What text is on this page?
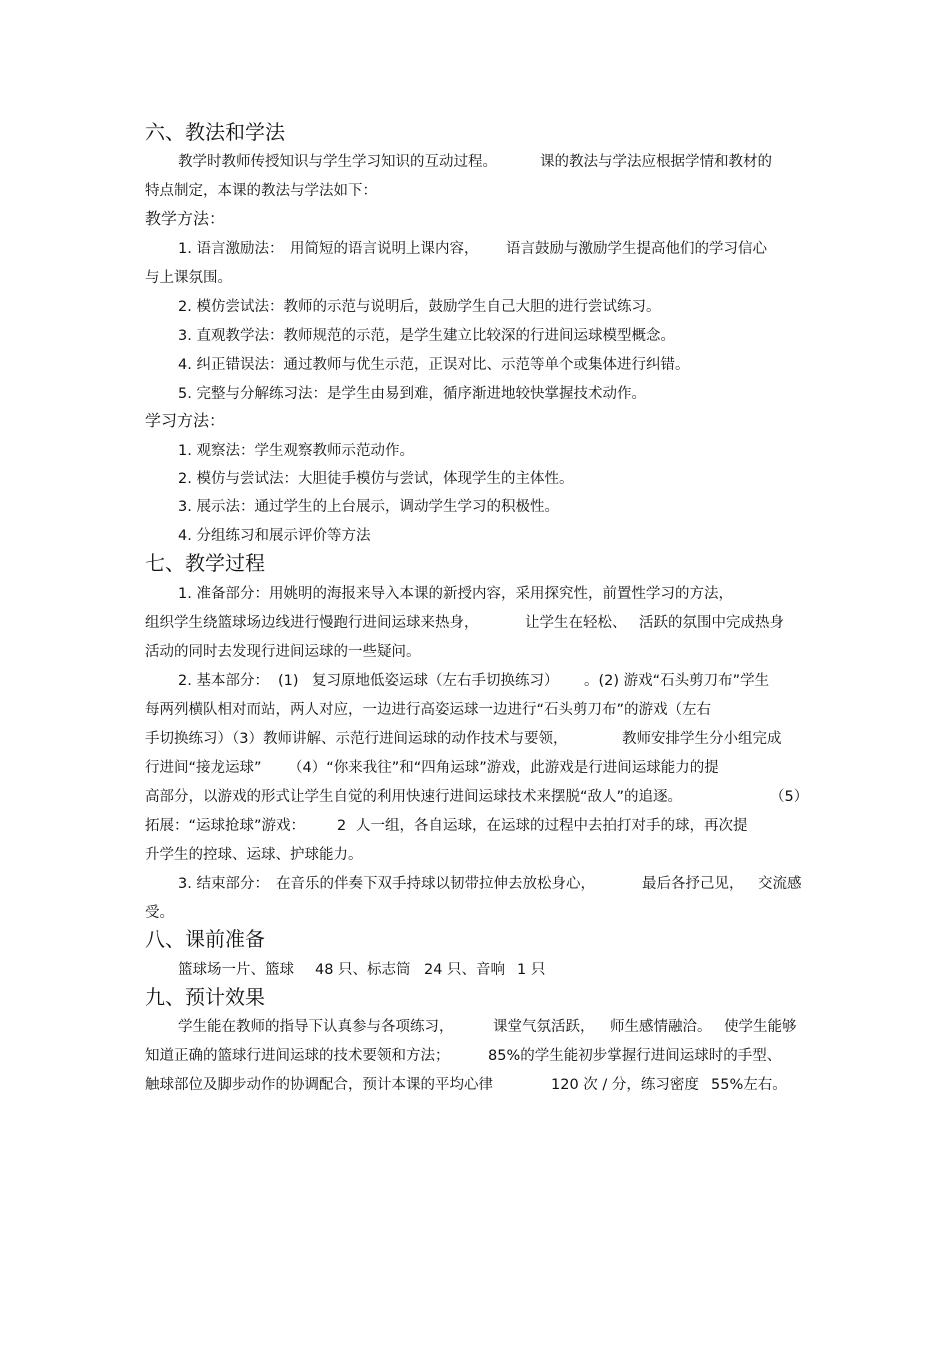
六、教法和学法
教学时教师传授知识与学生学习知识的互动过程。	课的教法与学法应根据学情和教材的
特点制定，本课的教法与学法如下：
教学方法：
1. 语言激励法： 用简短的语言说明上课内容， 语言鼓励与激励学生提高他们的学习信心
与上课氛围。
2. 模仿尝试法：教师的示范与说明后，鼓励学生自己大胆的进行尝试练习。
3. 直观教学法：教师规范的示范，是学生建立比较深的行进间运球模型概念。
4. 纠正错误法：通过教师与优生示范，正误对比、示范等单个或集体进行纠错。
5. 完整与分解练习法：是学生由易到难，循序渐进地较快掌握技术动作。
学习方法：
1. 观察法：学生观察教师示范动作。
2. 模仿与尝试法：大胆徒手模仿与尝试，体现学生的主体性。
3. 展示法：通过学生的上台展示，调动学生学习的积极性。
4. 分组练习和展示评价等方法
七、教学过程
1. 准备部分：用姚明的海报来导入本课的新授内容，采用探究性，前置性学习的方法，
组织学生绕篮球场边线进行慢跑行进间运球来热身，	让学生在轻松、 活跃的氛围中完成热身
活动的同时去发现行进间运球的一些疑问。
2. 基本部分： (1) 复习原地低姿运球（左右手切换练习） 。(2) 游戏“石头剪刀布”学生
每两列横队相对而站，两人对应，一边进行高姿运球一边进行“石头剪刀布”的游戏（左右
手切换练习）（3）教师讲解、示范行进间运球的动作技术与要领，	教师安排学生分小组完成
行进间“接龙运球” （4）“你来我往”和“四角运球”游戏，此游戏是行进间运球能力的提
高部分，以游戏的形式让学生自觉的利用快速行进间运球技术来摆脱“敌人”的追逐。	（5）
拓展：“运球抢球”游戏： 2 人一组，各自运球，在运球的过程中去拍打对手的球，再次提
升学生的控球、运球、护球能力。
3. 结束部分： 在音乐的伴奏下双手持球以韧带拉伸去放松身心，	最后各抒己见， 交流感
受。
八、课前准备
篮球场一片、篮球 48 只、标志筒 24 只、音响 1 只
九、预计效果
学生能在教师的指导下认真参与各项练习，	课堂气氛活跃， 师生感情融洽。 使学生能够
知道正确的篮球行进间运球的技术要领和方法；	85%的学生能初步掌握行进间运球时的手型、
触球部位及脚步动作的协调配合，预计本课的平均心律	120 次 / 分，练习密度 55%左右。
